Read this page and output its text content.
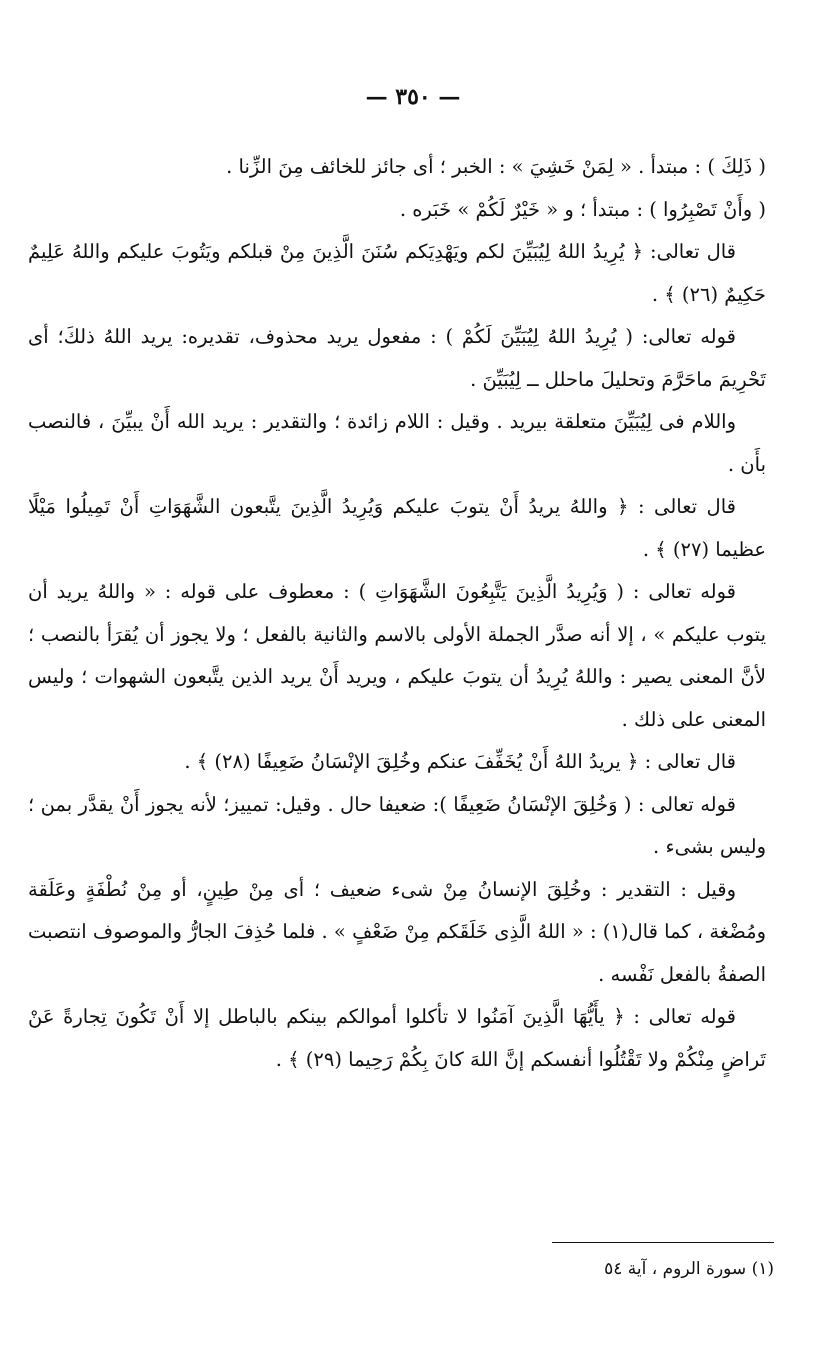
— ٣٥٠ —

( ذَلِكَ ) : مبتدأ . « لِمَنْ خَشِيَ » : الخبر ؛ أى جائز للخائف مِنَ الزِّنا .

( وأَنْ تَصْبِرُوا ) : مبتدأ ؛ و « خَيْرٌ لَكُمْ » خَبَره .

قال تعالى: ﴿ يُرِيدُ اللهُ لِيُبَيِّنَ لكم ويَهْدِيَكم سُنَنَ الَّذِينَ مِنْ قبلكم ويَتُوبَ عليكم واللهُ عَلِيمٌ حَكِيمٌ (٢٦) ﴾ .

قوله تعالى: ( يُرِيدُ اللهُ لِيُبَيِّنَ لَكُمْ ) : مفعول يريد محذوف، تقديره: يريد اللهُ ذلكَ؛ أى تَحْرِيمَ ماحَرَّمَ وتحليلَ ماحلل ــ لِيُبَيِّنَ .

واللام فى لِيُبَيِّنَ متعلقة بيريد . وقيل : اللام زائدة ؛ والتقدير : يريد الله أَنْ يبيِّنَ ، فالنصب بأَن .

قال تعالى : ﴿ واللهُ يريدُ أَنْ يتوبَ عليكم وَيُرِيدُ الَّذِينَ يتَّبعون الشَّهَوَاتِ أَنْ تَمِيلُوا مَيْلًا عظيما (٢٧) ﴾ .

قوله تعالى : ( وَيُرِيدُ الَّذِينَ يَتَّبِعُونَ الشَّهَوَاتِ ) : معطوف على قوله : « واللهُ يريد أن يتوب عليكم » ، إلا أنه صدَّر الجملة الأولى بالاسم والثانية بالفعل ؛ ولا يجوز أن يُقرَأ بالنصب ؛ لأنَّ المعنى يصير : واللهُ يُرِيدُ أن يتوبَ عليكم ، ويريد أَنْ يريد الذين يتَّبعون الشهوات ؛ وليس المعنى على ذلك .

قال تعالى : ﴿ يريدُ اللهُ أَنْ يُخَفِّفَ عنكم وخُلِقَ الإنْسَانُ ضَعِيفًا (٢٨) ﴾ .

قوله تعالى : ( وَخُلِقَ الإنْسَانُ ضَعِيفًا ): ضعيفا حال . وقيل: تمييز؛ لأنه يجوز أَنْ يقدَّر بمن ؛ وليس بشىء .

وقيل : التقدير : وخُلِقَ الإنسانُ مِنْ شىء ضعيف ؛ أى مِنْ طِينٍ، أو مِنْ نُطْفَةٍ وعَلَقة ومُضْغة ، كما قال(١) : « اللهُ الَّذِى خَلَقَكم مِنْ ضَعْفٍ » . فلما حُذِفَ الجارُّ والموصوف انتصبت الصفةُ بالفعل نَفْسه .

قوله تعالى : ﴿ يأَيُّهَا الَّذِينَ آمَنُوا لا تأكلوا أموالكم بينكم بالباطل إلا أَنْ تَكُونَ تِجارةً عَنْ تَراضٍ مِنْكُمْ ولا تَقْتُلُوا أنفسكم إنَّ اللهَ كانَ بِكُمْ رَحِيما (٢٩) ﴾ .

(١) سورة الروم ، آية ٥٤
